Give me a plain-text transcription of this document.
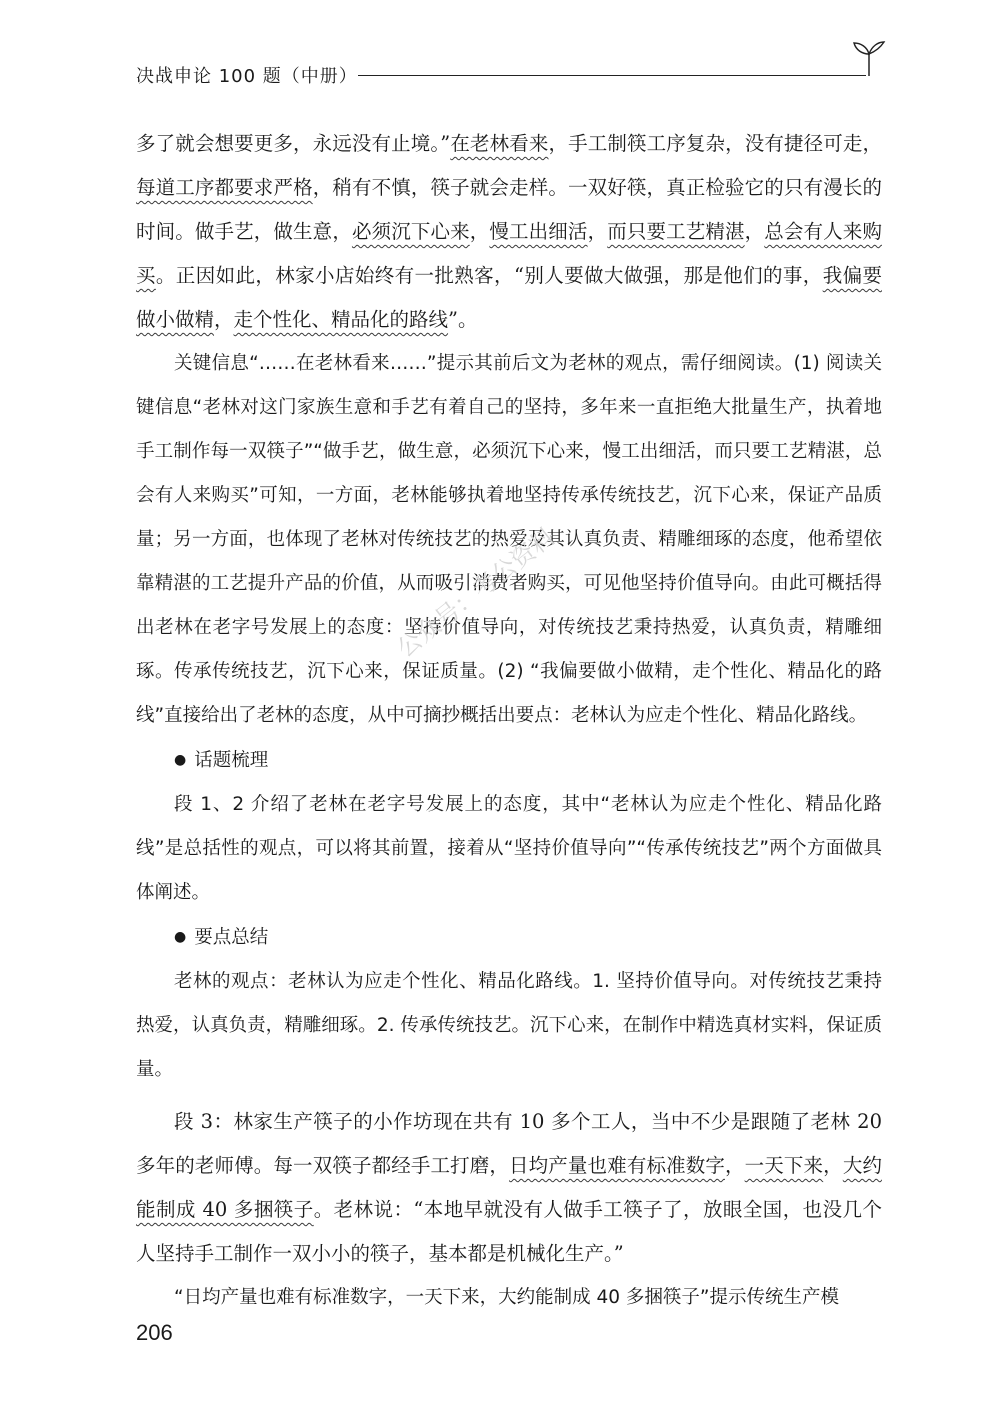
决战申论 100 题（中册）

多了就会想要更多，永远没有止境。”在老林看来，手工制筷工序复杂，没有捷径可走，每道工序都要求严格，稍有不慎，筷子就会走样。一双好筷，真正检验它的只有漫长的时间。做手艺，做生意，必须沉下心来，慢工出细活，而只要工艺精湛，总会有人来购买。正因如此，林家小店始终有一批熟客，“别人要做大做强，那是他们的事，我偏要做小做精，走个性化、精品化的路线”。

关键信息“……在老林看来……”提示其前后文为老林的观点，需仔细阅读。(1) 阅读关键信息“老林对这门家族生意和手艺有着自己的坚持，多年来一直拒绝大批量生产，执着地手工制作每一双筷子”“做手艺，做生意，必须沉下心来，慢工出细活，而只要工艺精湛，总会有人来购买”可知，一方面，老林能够执着地坚持传承传统技艺，沉下心来，保证产品质量；另一方面，也体现了老林对传统技艺的热爱及其认真负责、精雕细琢的态度，他希望依靠精湛的工艺提升产品的价值，从而吸引消费者购买，可见他坚持价值导向。由此可概括得出老林在老字号发展上的态度：坚持价值导向，对传统技艺秉持热爱，认真负责，精雕细琢。传承传统技艺，沉下心来，保证质量。(2) “我偏要做小做精，走个性化、精品化的路线”直接给出了老林的态度，从中可摘抄概括出要点：老林认为应走个性化、精品化路线。

● 话题梳理

段 1、2 介绍了老林在老字号发展上的态度，其中“老林认为应走个性化、精品化路线”是总括性的观点，可以将其前置，接着从“坚持价值导向”“传承传统技艺”两个方面做具体阐述。

● 要点总结

老林的观点：老林认为应走个性化、精品化路线。1. 坚持价值导向。对传统技艺秉持热爱，认真负责，精雕细琢。2. 传承传统技艺。沉下心来，在制作中精选真材实料，保证质量。

段 3：林家生产筷子的小作坊现在共有 10 多个工人，当中不少是跟随了老林 20 多年的老师傅。每一双筷子都经手工打磨，日均产量也难有标准数字，一天下来，大约能制成 40 多捆筷子。老林说：“本地早就没有人做手工筷子了，放眼全国，也没几个人坚持手工制作一双小小的筷子，基本都是机械化生产。”

“日均产量也难有标准数字，一天下来，大约能制成 40 多捆筷子”提示传统生产模

公众号：考公资料
206
